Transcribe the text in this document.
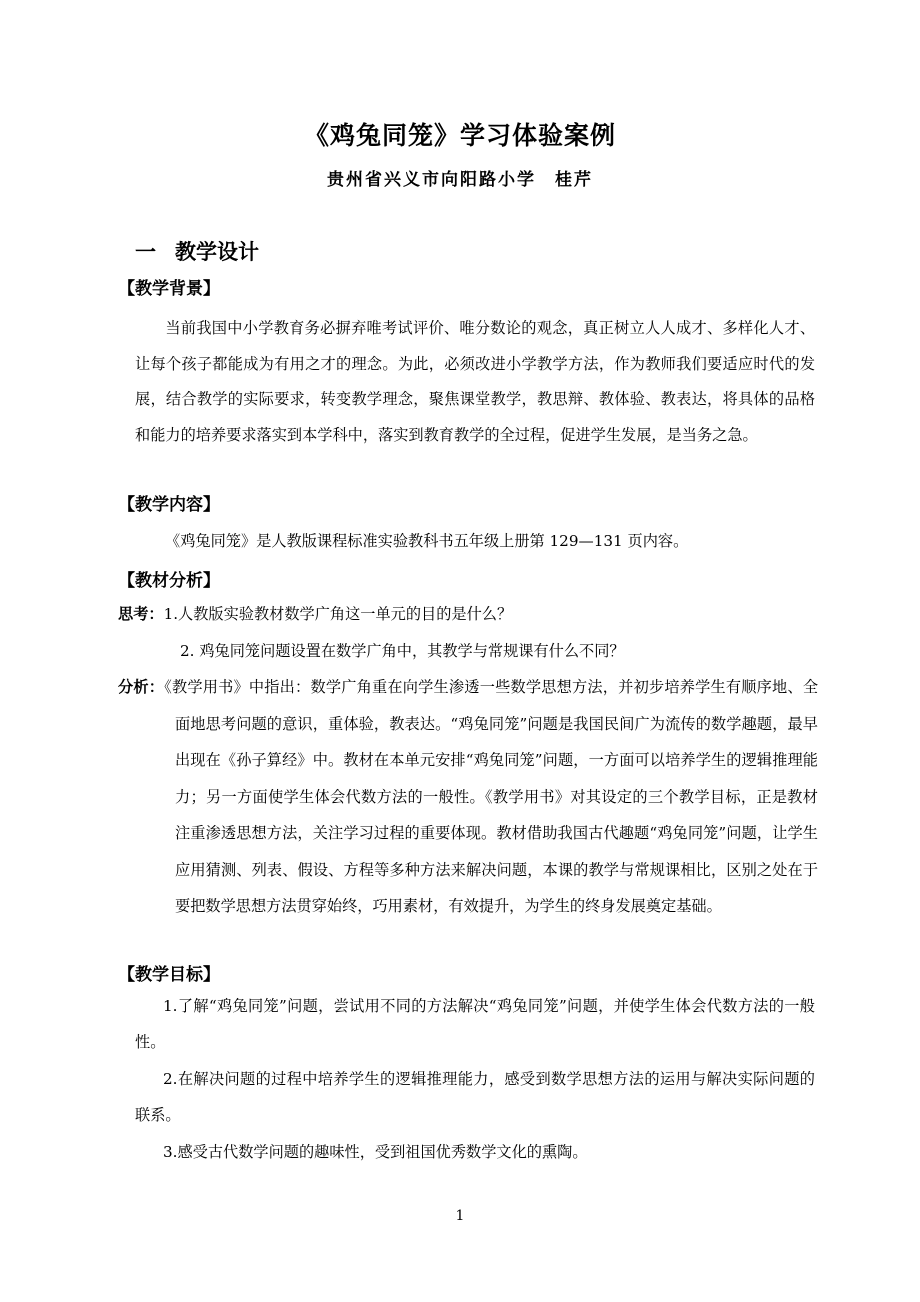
《鸡兔同笼》学习体验案例
贵州省兴义市向阳路小学　桂芹
一 教学设计
【教学背景】
当前我国中小学教育务必摒弃唯考试评价、唯分数论的观念，真正树立人人成才、多样化人才、让每个孩子都能成为有用之才的理念。为此，必须改进小学教学方法，作为教师我们要适应时代的发展，结合教学的实际要求，转变教学理念，聚焦课堂教学，教思辩、教体验、教表达，将具体的品格和能力的培养要求落实到本学科中，落实到教育教学的全过程，促进学生发展，是当务之急。
【教学内容】
《鸡兔同笼》是人教版课程标准实验教科书五年级上册第 129—131 页内容。
【教材分析】
思考：1.人教版实验教材数学广角这一单元的目的是什么？
2. 鸡兔同笼问题设置在数学广角中，其教学与常规课有什么不同？
分析：《教学用书》中指出：数学广角重在向学生渗透一些数学思想方法，并初步培养学生有顺序地、全面地思考问题的意识，重体验，教表达。“鸡兔同笼”问题是我国民间广为流传的数学趣题，最早出现在《孙子算经》中。教材在本单元安排“鸡兔同笼”问题，一方面可以培养学生的逻辑推理能力；另一方面使学生体会代数方法的一般性。《教学用书》对其设定的三个教学目标，正是教材注重渗透思想方法，关注学习过程的重要体现。教材借助我国古代趣题“鸡兔同笼”问题，让学生应用猜测、列表、假设、方程等多种方法来解决问题，本课的教学与常规课相比，区别之处在于要把数学思想方法贯穿始终，巧用素材，有效提升，为学生的终身发展奠定基础。
【教学目标】
1.了解“鸡兔同笼”问题，尝试用不同的方法解决“鸡兔同笼”问题，并使学生体会代数方法的一般性。
2.在解决问题的过程中培养学生的逻辑推理能力，感受到数学思想方法的运用与解决实际问题的联系。
3.感受古代数学问题的趣味性，受到祖国优秀数学文化的熏陶。
1
